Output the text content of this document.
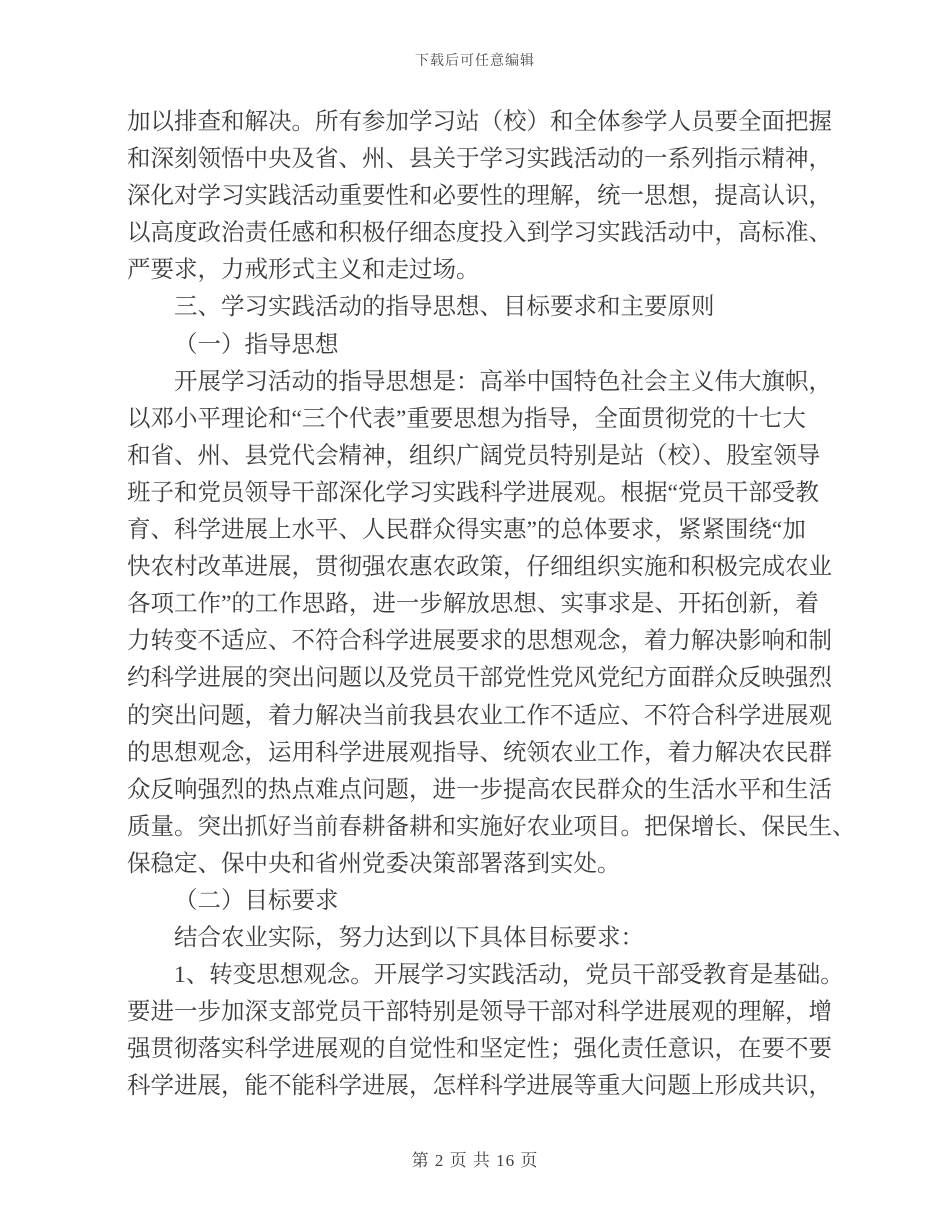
下载后可任意编辑
加以排查和解决。所有参加学习站（校）和全体参学人员要全面把握
和深刻领悟中央及省、州、县关于学习实践活动的一系列指示精神，
深化对学习实践活动重要性和必要性的理解，统一思想，提高认识，
以高度政治责任感和积极仔细态度投入到学习实践活动中，高标准、
严要求，力戒形式主义和走过场。
三、学习实践活动的指导思想、目标要求和主要原则
（一）指导思想
开展学习活动的指导思想是：高举中国特色社会主义伟大旗帜，
以邓小平理论和“三个代表”重要思想为指导，全面贯彻党的十七大
和省、州、县党代会精神，组织广阔党员特别是站（校）、股室领导
班子和党员领导干部深化学习实践科学进展观。根据“党员干部受教
育、科学进展上水平、人民群众得实惠”的总体要求，紧紧围绕“加
快农村改革进展，贯彻强农惠农政策，仔细组织实施和积极完成农业
各项工作”的工作思路，进一步解放思想、实事求是、开拓创新，着
力转变不适应、不符合科学进展要求的思想观念，着力解决影响和制
约科学进展的突出问题以及党员干部党性党风党纪方面群众反映强烈
的突出问题，着力解决当前我县农业工作不适应、不符合科学进展观
的思想观念，运用科学进展观指导、统领农业工作，着力解决农民群
众反响强烈的热点难点问题，进一步提高农民群众的生活水平和生活
质量。突出抓好当前春耕备耕和实施好农业项目。把保增长、保民生、
保稳定、保中央和省州党委决策部署落到实处。
（二）目标要求
结合农业实际，努力达到以下具体目标要求：
1、转变思想观念。开展学习实践活动，党员干部受教育是基础。
要进一步加深支部党员干部特别是领导干部对科学进展观的理解，增
强贯彻落实科学进展观的自觉性和坚定性；强化责任意识，在要不要
科学进展，能不能科学进展，怎样科学进展等重大问题上形成共识，
第 2 页 共 16 页
